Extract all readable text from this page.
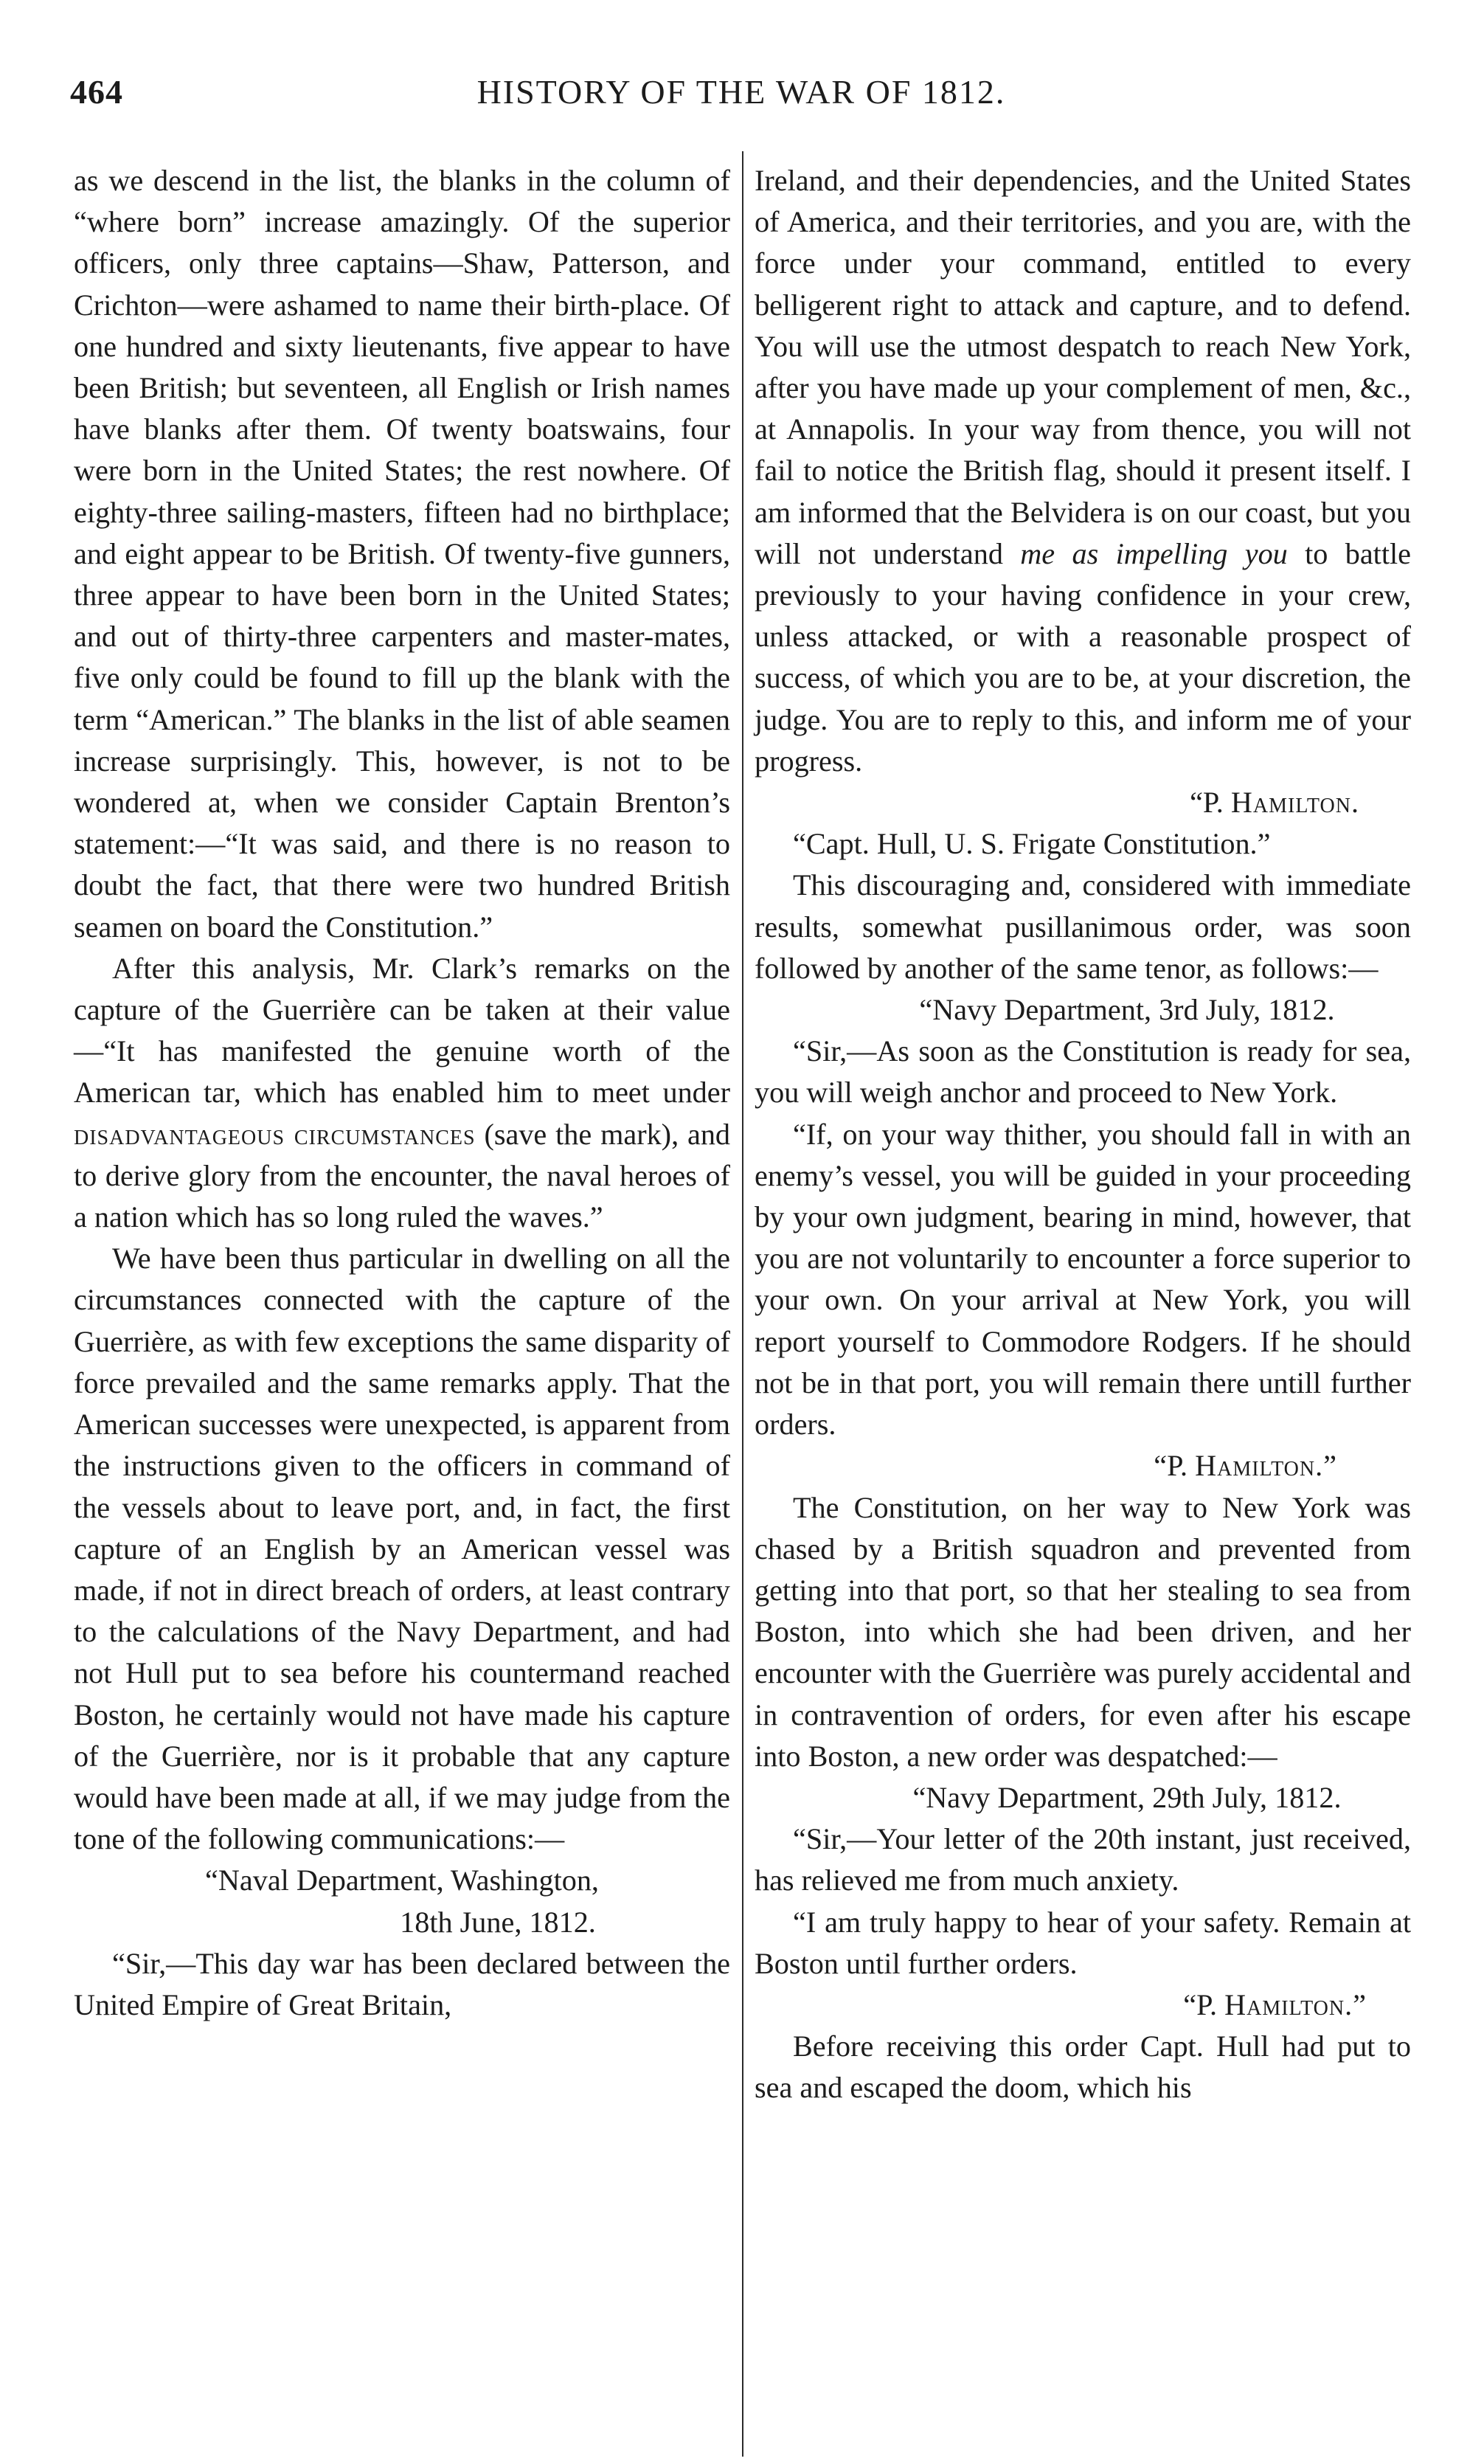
464	HISTORY OF THE WAR OF 1812.

as we descend in the list, the blanks in the column of “where born” increase amazingly. Of the superior officers, only three captains—Shaw, Patterson, and Crichton—were ashamed to name their birth-place. Of one hundred and sixty lieutenants, five appear to have been British; but seventeen, all English or Irish names have blanks after them. Of twenty boatswains, four were born in the United States; the rest nowhere. Of eighty-three sailing-masters, fifteen had no birthplace; and eight appear to be British. Of twenty-five gunners, three appear to have been born in the United States; and out of thirty-three carpenters and master-mates, five only could be found to fill up the blank with the term “American.” The blanks in the list of able seamen increase surprisingly. This, however, is not to be wondered at, when we consider Captain Brenton’s statement:—“It was said, and there is no reason to doubt the fact, that there were two hundred British seamen on board the Constitution.”

After this analysis, Mr. Clark’s remarks on the capture of the Guerrière can be taken at their value—“It has manifested the genuine worth of the American tar, which has enabled him to meet under disadvantageous circumstances (save the mark), and to derive glory from the encounter, the naval heroes of a nation which has so long ruled the waves.”

We have been thus particular in dwelling on all the circumstances connected with the capture of the Guerrière, as with few exceptions the same disparity of force prevailed and the same remarks apply. That the American successes were unexpected, is apparent from the instructions given to the officers in command of the vessels about to leave port, and, in fact, the first capture of an English by an American vessel was made, if not in direct breach of orders, at least contrary to the calculations of the Navy Department, and had not Hull put to sea before his countermand reached Boston, he certainly would not have made his capture of the Guerrière, nor is it probable that any capture would have been made at all, if we may judge from the tone of the following communications:—

“Naval Department, Washington,

18th June, 1812.

“Sir,—This day war has been declared between the United Empire of Great Britain,

Ireland, and their dependencies, and the United States of America, and their territories, and you are, with the force under your command, entitled to every belligerent right to attack and capture, and to defend. You will use the utmost despatch to reach New York, after you have made up your complement of men, &c., at Annapolis. In your way from thence, you will not fail to notice the British flag, should it present itself. I am informed that the Belvidera is on our coast, but you will not understand me as impelling you to battle previously to your having confidence in your crew, unless attacked, or with a reasonable prospect of success, of which you are to be, at your discretion, the judge. You are to reply to this, and inform me of your progress.

“P. Hamilton.

“Capt. Hull, U. S. Frigate Constitution.”

This discouraging and, considered with immediate results, somewhat pusillanimous order, was soon followed by another of the same tenor, as follows:—

“Navy Department, 3rd July, 1812.

“Sir,—As soon as the Constitution is ready for sea, you will weigh anchor and proceed to New York.

“If, on your way thither, you should fall in with an enemy’s vessel, you will be guided in your proceeding by your own judgment, bearing in mind, however, that you are not voluntarily to encounter a force superior to your own. On your arrival at New York, you will report yourself to Commodore Rodgers. If he should not be in that port, you will remain there untill further orders.

“P. Hamilton.”

The Constitution, on her way to New York was chased by a British squadron and prevented from getting into that port, so that her stealing to sea from Boston, into which she had been driven, and her encounter with the Guerrière was purely accidental and in contravention of orders, for even after his escape into Boston, a new order was despatched:—

“Navy Department, 29th July, 1812.

“Sir,—Your letter of the 20th instant, just received, has relieved me from much anxiety.

“I am truly happy to hear of your safety. Remain at Boston until further orders.

“P. Hamilton.”

Before receiving this order Capt. Hull had put to sea and escaped the doom, which his
